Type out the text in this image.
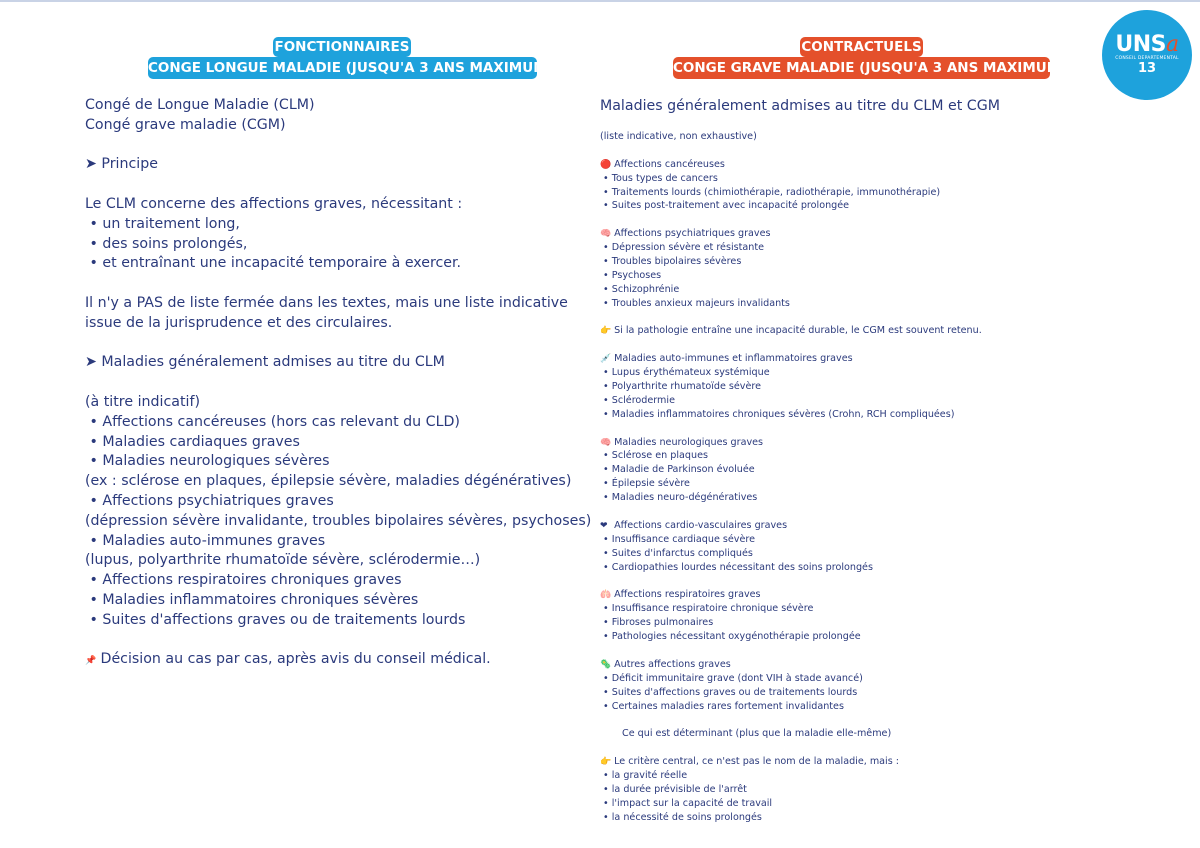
FONCTIONNAIRES
CONGE LONGUE MALADIE (JUSQU'A 3 ANS MAXIMUM)
CONTRACTUELS
CONGE GRAVE MALADIE (JUSQU'A 3 ANS MAXIMUM)
UNSa
CONSEIL DEPARTEMENTAL
13
Congé de Longue Maladie (CLM)
Congé grave maladie (CGM)
➤ Principe
Le CLM concerne des affections graves, nécessitant :
• un traitement long,
• des soins prolongés,
• et entraînant une incapacité temporaire à exercer.
Il n'y a PAS de liste fermée dans les textes, mais une liste indicative
issue de la jurisprudence et des circulaires.
➤ Maladies généralement admises au titre du CLM
(à titre indicatif)
• Affections cancéreuses (hors cas relevant du CLD)
• Maladies cardiaques graves
• Maladies neurologiques sévères
(ex : sclérose en plaques, épilepsie sévère, maladies dégénératives)
• Affections psychiatriques graves
(dépression sévère invalidante, troubles bipolaires sévères, psychoses)
• Maladies auto-immunes graves
(lupus, polyarthrite rhumatoïde sévère, sclérodermie…)
• Affections respiratoires chroniques graves
• Maladies inflammatoires chroniques sévères
• Suites d'affections graves ou de traitements lourds
📌 Décision au cas par cas, après avis du conseil médical.
Maladies généralement admises au titre du CLM et CGM
(liste indicative, non exhaustive)
🔴 Affections cancéreuses
• Tous types de cancers
• Traitements lourds (chimiothérapie, radiothérapie, immunothérapie)
• Suites post-traitement avec incapacité prolongée
🧠 Affections psychiatriques graves
• Dépression sévère et résistante
• Troubles bipolaires sévères
• Psychoses
• Schizophrénie
• Troubles anxieux majeurs invalidants
👉 Si la pathologie entraîne une incapacité durable, le CGM est souvent retenu.
💉 Maladies auto-immunes et inflammatoires graves
• Lupus érythémateux systémique
• Polyarthrite rhumatoïde sévère
• Sclérodermie
• Maladies inflammatoires chroniques sévères (Crohn, RCH compliquées)
🧠 Maladies neurologiques graves
• Sclérose en plaques
• Maladie de Parkinson évoluée
• Épilepsie sévère
• Maladies neuro-dégénératives
❤ Affections cardio-vasculaires graves
• Insuffisance cardiaque sévère
• Suites d'infarctus compliqués
• Cardiopathies lourdes nécessitant des soins prolongés
🫁 Affections respiratoires graves
• Insuffisance respiratoire chronique sévère
• Fibroses pulmonaires
• Pathologies nécessitant oxygénothérapie prolongée
🦠 Autres affections graves
• Déficit immunitaire grave (dont VIH à stade avancé)
• Suites d'affections graves ou de traitements lourds
• Certaines maladies rares fortement invalidantes
Ce qui est déterminant (plus que la maladie elle-même)
👉 Le critère central, ce n'est pas le nom de la maladie, mais :
• la gravité réelle
• la durée prévisible de l'arrêt
• l'impact sur la capacité de travail
• la nécessité de soins prolongés
